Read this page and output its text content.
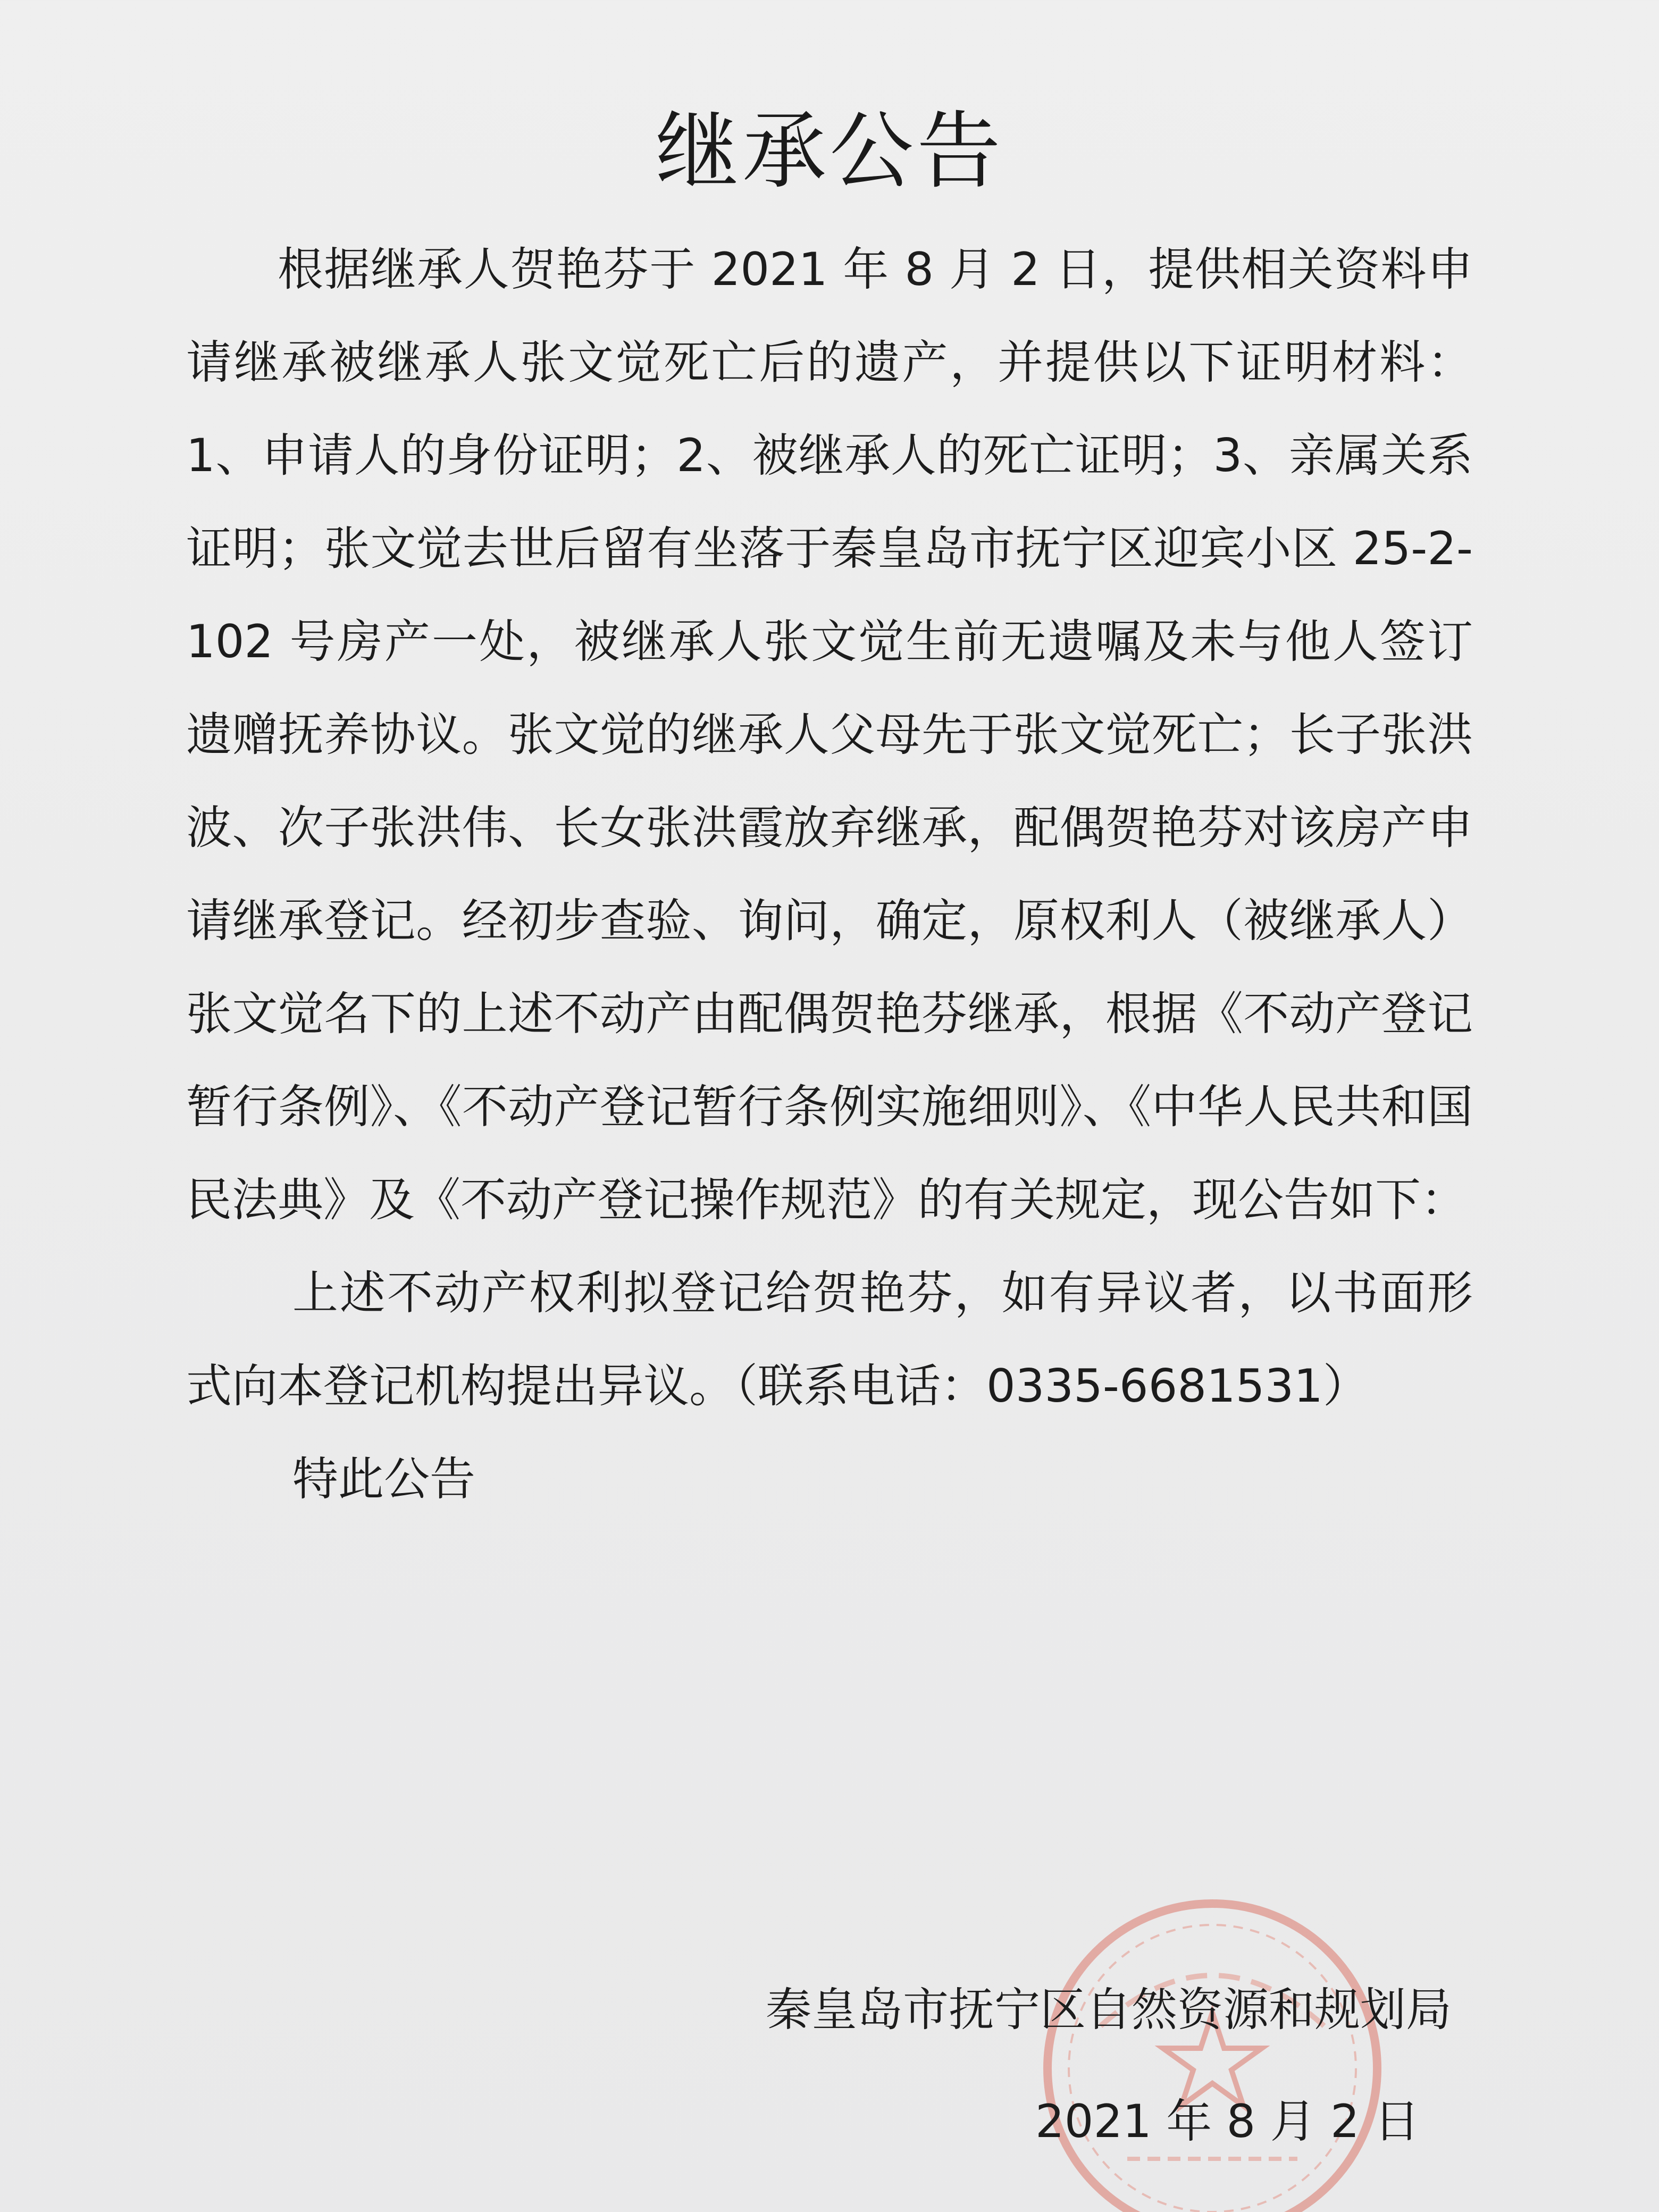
继承公告

根据继承人贺艳芬于 2021 年 8 月 2 日，提供相关资料申请继承被继承人张文觉死亡后的遗产，并提供以下证明材料：1、申请人的身份证明；2、被继承人的死亡证明；3、亲属关系证明；张文觉去世后留有坐落于秦皇岛市抚宁区迎宾小区 25-2-102 号房产一处，被继承人张文觉生前无遗嘱及未与他人签订遗赠抚养协议。张文觉的继承人父母先于张文觉死亡；长子张洪波、次子张洪伟、长女张洪霞放弃继承，配偶贺艳芬对该房产申请继承登记。经初步查验、询问，确定，原权利人（被继承人）张文觉名下的上述不动产由配偶贺艳芬继承，根据《不动产登记暂行条例》、《不动产登记暂行条例实施细则》、《中华人民共和国民法典》及《不动产登记操作规范》的有关规定，现公告如下：

上述不动产权利拟登记给贺艳芬，如有异议者，以书面形式向本登记机构提出异议。（联系电话：0335-6681531）

特此公告

秦皇岛市抚宁区自然资源和规划局
2021 年 8 月 2 日
